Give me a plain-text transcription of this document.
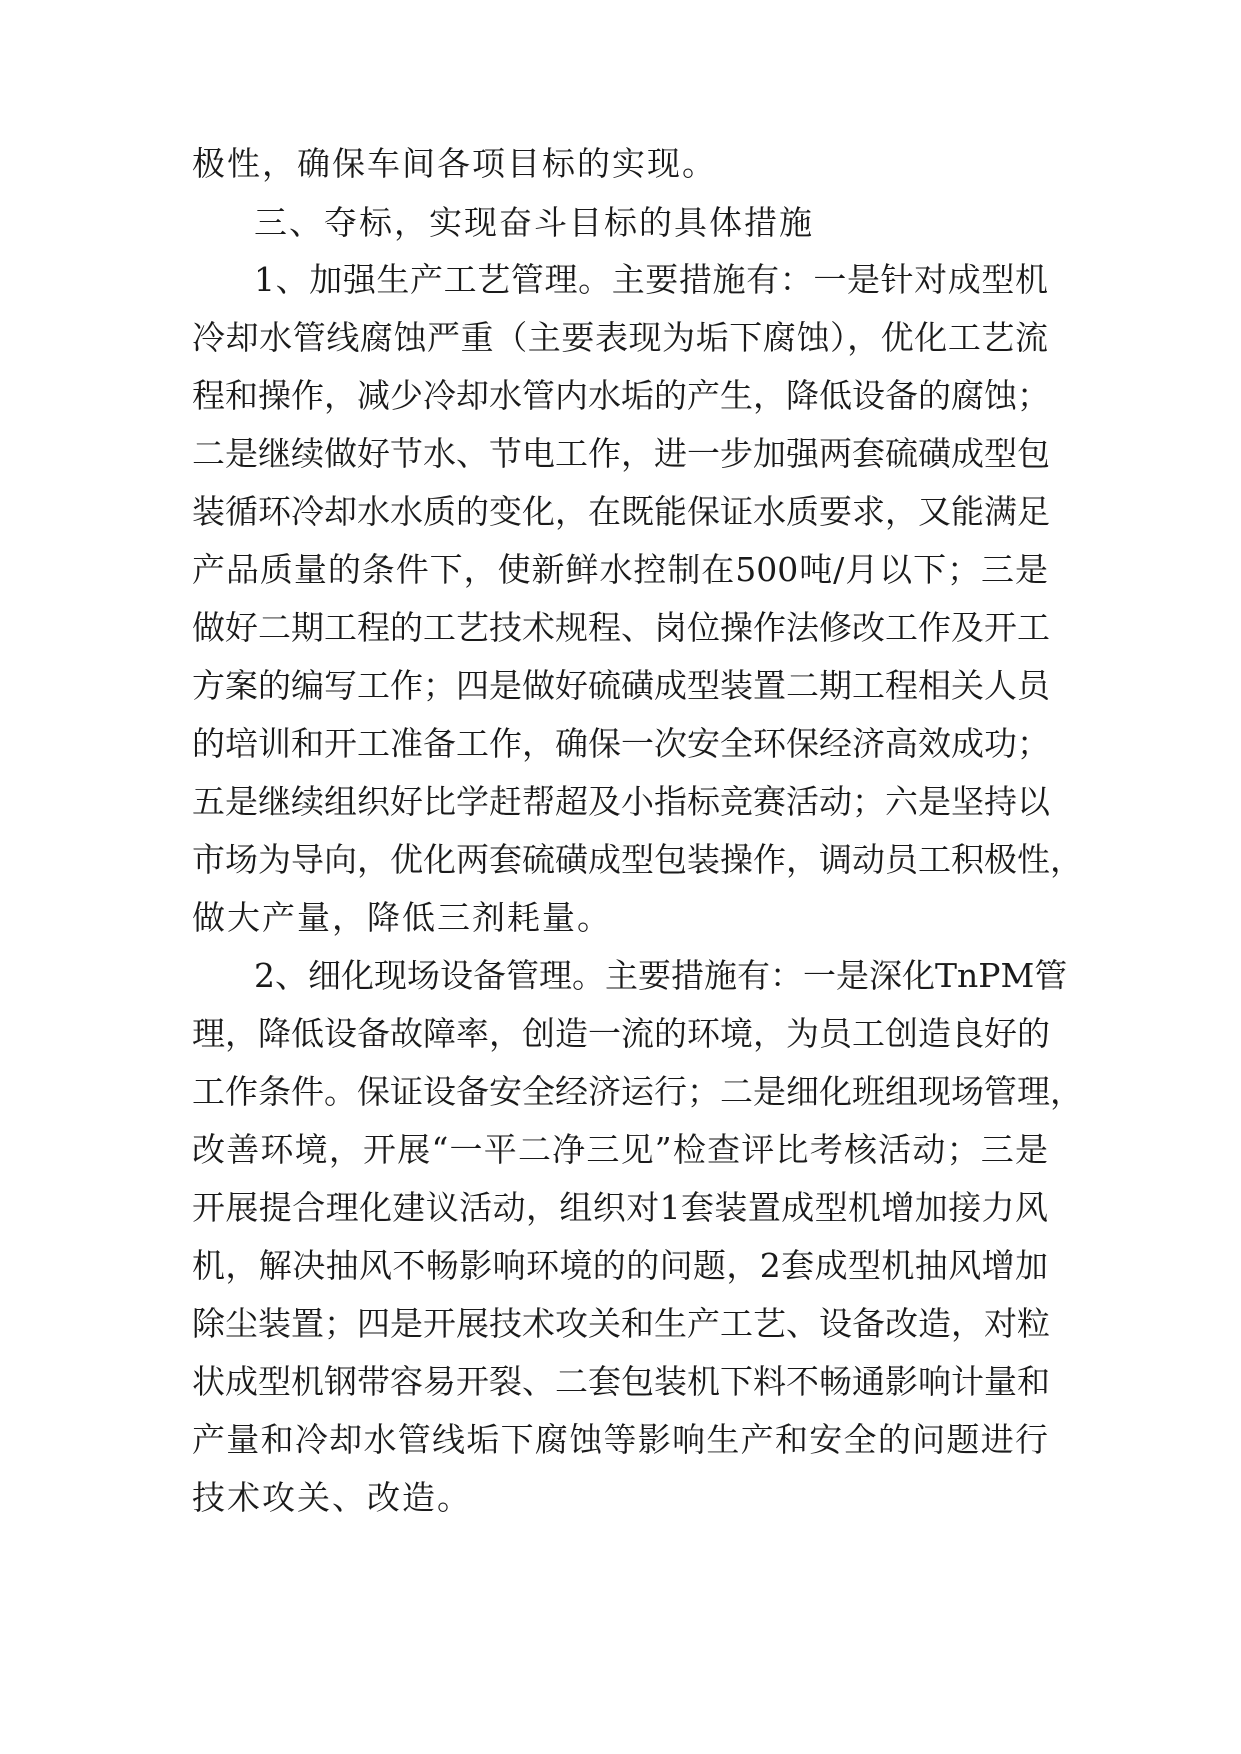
极性，确保车间各项目标的实现。
三、夺标，实现奋斗目标的具体措施
1、加强生产工艺管理。主要措施有：一是针对成型机
冷却水管线腐蚀严重（主要表现为垢下腐蚀），优化工艺流
程和操作，减少冷却水管内水垢的产生，降低设备的腐蚀；
二是继续做好节水、节电工作，进一步加强两套硫磺成型包
装循环冷却水水质的变化，在既能保证水质要求，又能满足
产品质量的条件下，使新鲜水控制在500吨/月以下；三是
做好二期工程的工艺技术规程、岗位操作法修改工作及开工
方案的编写工作；四是做好硫磺成型装置二期工程相关人员
的培训和开工准备工作，确保一次安全环保经济高效成功；
五是继续组织好比学赶帮超及小指标竞赛活动；六是坚持以
市场为导向，优化两套硫磺成型包装操作，调动员工积极性，
做大产量，降低三剂耗量。
2、细化现场设备管理。主要措施有：一是深化TnPM管
理，降低设备故障率，创造一流的环境，为员工创造良好的
工作条件。保证设备安全经济运行；二是细化班组现场管理，
改善环境，开展“一平二净三见”检查评比考核活动；三是
开展提合理化建议活动，组织对1套装置成型机增加接力风
机，解决抽风不畅影响环境的的问题，2套成型机抽风增加
除尘装置；四是开展技术攻关和生产工艺、设备改造，对粒
状成型机钢带容易开裂、二套包装机下料不畅通影响计量和
产量和冷却水管线垢下腐蚀等影响生产和安全的问题进行
技术攻关、改造。
